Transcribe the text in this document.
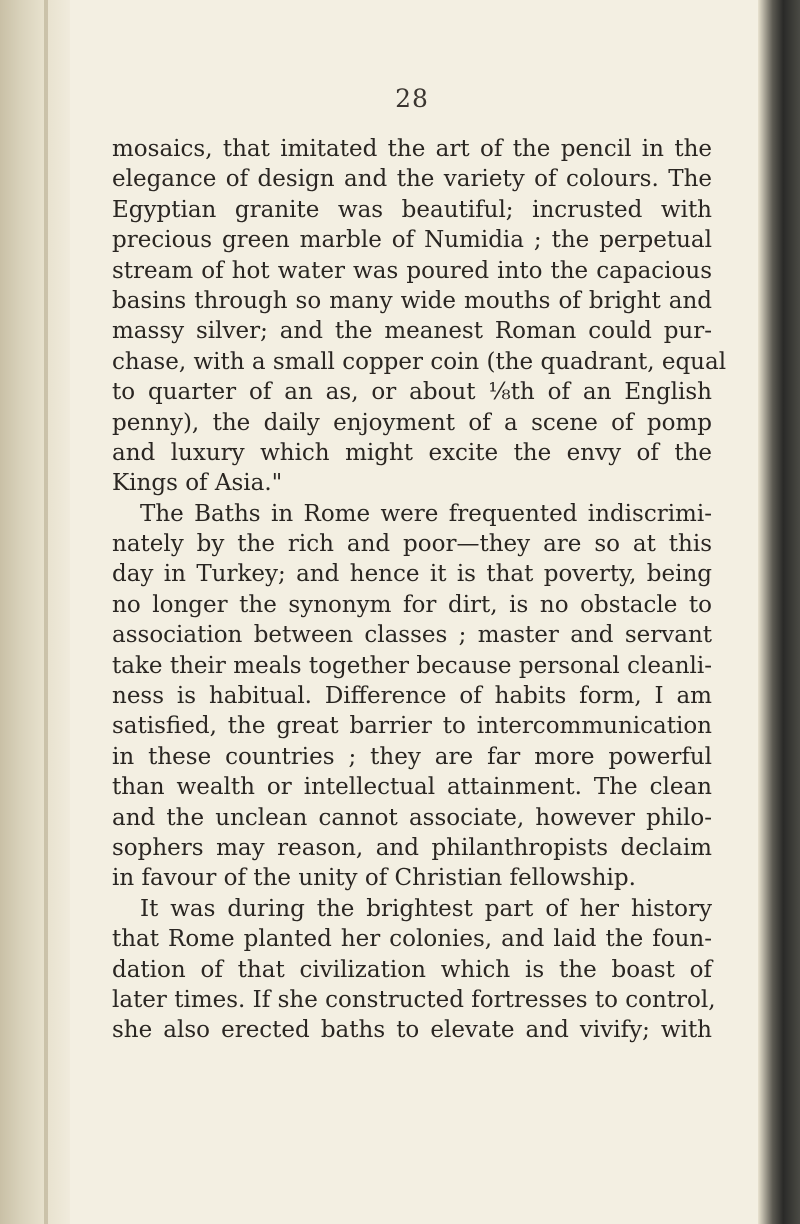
28
mosaics, that imitated the art of the pencil in the
elegance of design and the variety of colours. The
Egyptian granite was beautiful; incrusted with
precious green marble of Numidia ; the perpetual
stream of hot water was poured into the capacious
basins through so many wide mouths of bright and
massy silver; and the meanest Roman could pur-
chase, with a small copper coin (the quadrant, equal
to quarter of an as, or about ⅛th of an English
penny), the daily enjoyment of a scene of pomp
and luxury which might excite the envy of the
Kings of Asia."
The Baths in Rome were frequented indiscrimi-
nately by the rich and poor—they are so at this
day in Turkey; and hence it is that poverty, being
no longer the synonym for dirt, is no obstacle to
association between classes ; master and servant
take their meals together because personal cleanli-
ness is habitual. Difference of habits form, I am
satisfied, the great barrier to intercommunication
in these countries ; they are far more powerful
than wealth or intellectual attainment. The clean
and the unclean cannot associate, however philo-
sophers may reason, and philanthropists declaim
in favour of the unity of Christian fellowship.
It was during the brightest part of her history
that Rome planted her colonies, and laid the foun-
dation of that civilization which is the boast of
later times. If she constructed fortresses to control,
she also erected baths to elevate and vivify; with
